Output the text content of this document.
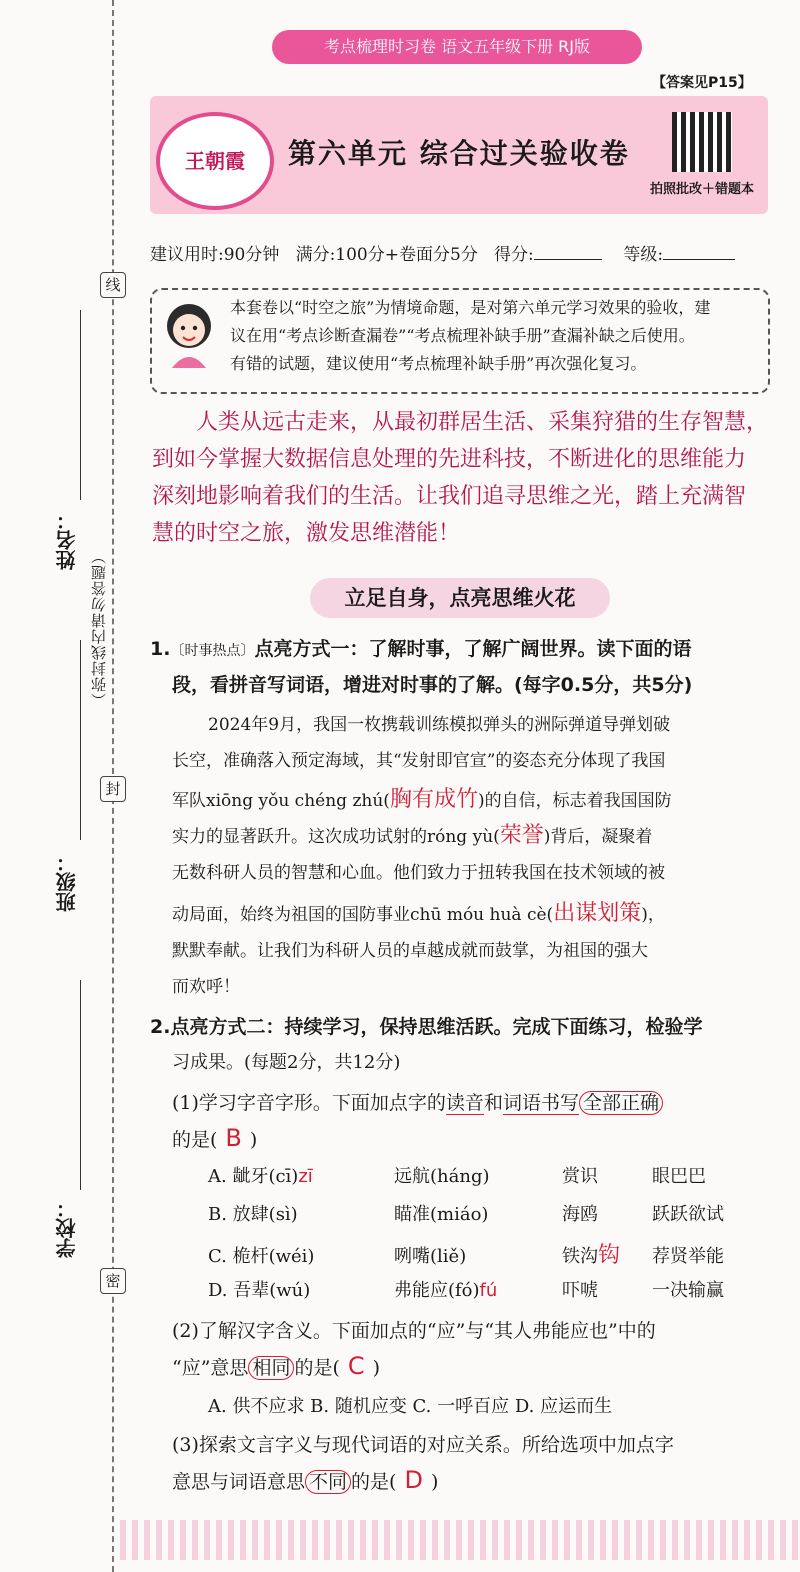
线
封
密
姓名：
班级：
学校：
（弥封线内请勿答题）
考点梳理时习卷 语文五年级下册 RJ版
【答案见P15】
王朝霞	第六单元 综合过关验收卷
拍照批改＋错题本
建议用时:90分钟 满分:100分+卷面分5分 得分:	等级:
本套卷以“时空之旅”为情境命题，是对第六单元学习效果的验收，建
议在用“考点诊断查漏卷”“考点梳理补缺手册”查漏补缺之后使用。
有错的试题，建议使用“考点梳理补缺手册”再次强化复习。
人类从远古走来，从最初群居生活、采集狩猎的生存智慧，
到如今掌握大数据信息处理的先进科技，不断进化的思维能力
深刻地影响着我们的生活。让我们追寻思维之光，踏上充满智
慧的时空之旅，激发思维潜能！
立足自身，点亮思维火花
1.〔时事热点〕点亮方式一：了解时事，了解广阔世界。读下面的语
段，看拼音写词语，增进对时事的了解。(每字0.5分，共5分)
2024年9月，我国一枚携载训练模拟弹头的洲际弹道导弹划破
长空，准确落入预定海域，其“发射即官宣”的姿态充分体现了我国
军队xiōng yǒu chéng zhú(胸有成竹)的自信，标志着我国国防
实力的显著跃升。这次成功试射的róng yù(荣誉)背后，凝聚着
无数科研人员的智慧和心血。他们致力于扭转我国在技术领域的被
动局面，始终为祖国的国防事业chū móu huà cè(出谋划策)，
默默奉献。让我们为科研人员的卓越成就而鼓掌，为祖国的强大
而欢呼！
2.点亮方式二：持续学习，保持思维活跃。完成下面练习，检验学
习成果。(每题2分，共12分)
(1)学习字音字形。下面加点字的读音和词语书写 全部正确
的是( B )
A. 龇牙(cī)zī	远航(háng)	赏识	眼巴巴
B. 放肆(sì)	瞄准(miáo)	海鸥	跃跃欲试
C. 桅杆(wéi)	咧嘴(liě)	铁沟钩 荐贤举能
D. 吾辈(wú)	弗能应(fó)fú	吓唬	一决输赢
(2)了解汉字含义。下面加点的“应”与“其人弗能应也”中的
“应”意思 相同 的是( C )
A. 供不应求 B. 随机应变 C. 一呼百应 D. 应运而生
(3)探索文言字义与现代词语的对应关系。所给选项中加点字
意思与词语意思 不同 的是( D )
